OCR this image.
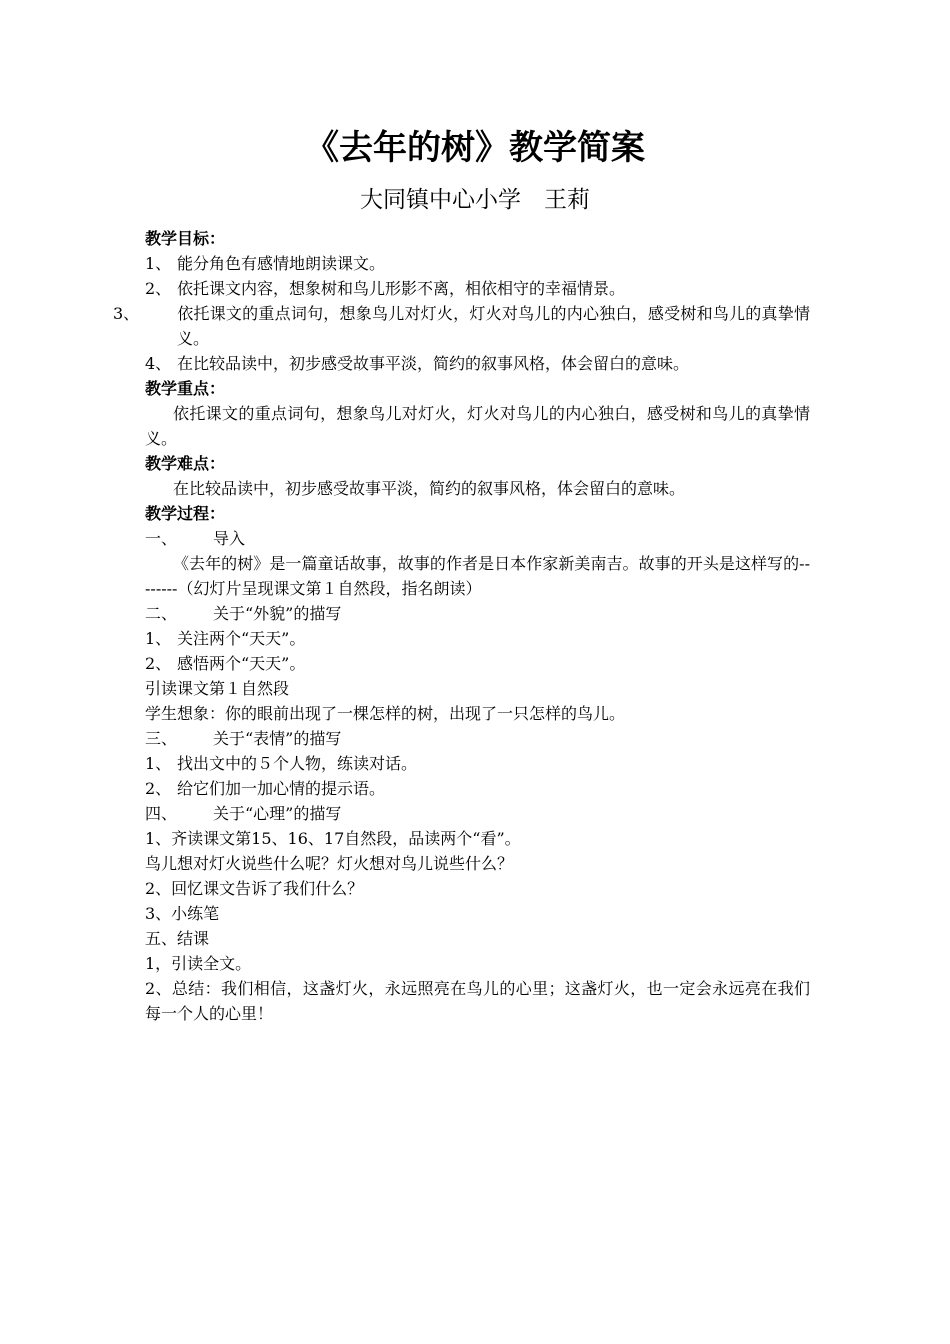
《去年的树》教学简案
大同镇中心小学　王莉
教学目标：
1、 能分角色有感情地朗读课文。
2、 依托课文内容，想象树和鸟儿形影不离，相依相守的幸福情景。
3、 依托课文的重点词句，想象鸟儿对灯火，灯火对鸟儿的内心独白，感受树和鸟儿的真挚情义。
4、 在比较品读中，初步感受故事平淡，简约的叙事风格，体会留白的意味。
教学重点：
依托课文的重点词句，想象鸟儿对灯火，灯火对鸟儿的内心独白，感受树和鸟儿的真挚情义。
教学难点：
在比较品读中，初步感受故事平淡，简约的叙事风格，体会留白的意味。
教学过程：
一、 导入
《去年的树》是一篇童话故事，故事的作者是日本作家新美南吉。故事的开头是这样写的--------（幻灯片呈现课文第１自然段，指名朗读）
二、 关于“外貌”的描写
1、 关注两个“天天”。
2、 感悟两个“天天”。
引读课文第１自然段
学生想象：你的眼前出现了一棵怎样的树，出现了一只怎样的鸟儿。
三、 关于“表情”的描写
1、 找出文中的５个人物，练读对话。
2、 给它们加一加心情的提示语。
四、 关于“心理”的描写
1、齐读课文第15、16、17自然段，品读两个“看”。
鸟儿想对灯火说些什么呢？灯火想对鸟儿说些什么？
2、回忆课文告诉了我们什么？
3、小练笔
五、结课
1，引读全文。
2、总结：我们相信，这盏灯火，永远照亮在鸟儿的心里；这盏灯火，也一定会永远亮在我们每一个人的心里！
